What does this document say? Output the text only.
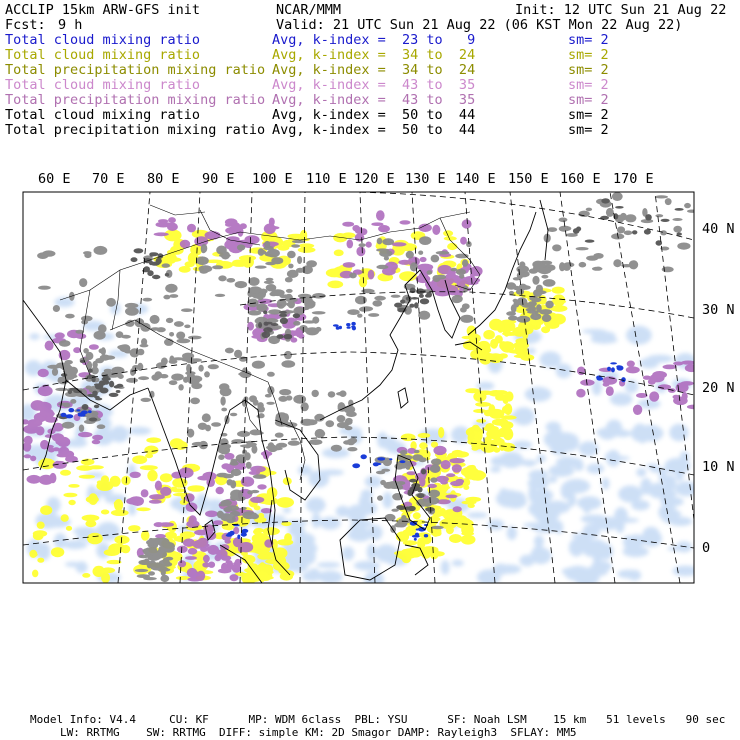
ACCLIP 15km ARW-GFS init	NCAR/MMM	Init: 12 UTC Sun 21 Aug 22
Fcst: 9 h	Valid: 21 UTC Sun 21 Aug 22 (06 KST Mon 22 Aug 22)
Total cloud mixing ratio	Avg, k-index =  23 to   9	sm= 2
Total cloud mixing ratio	Avg, k-index =  34 to  24	sm= 2
Total precipitation mixing ratio Avg, k-index =  34 to  24	sm= 2
Total cloud mixing ratio	Avg, k-index =  43 to  35	sm= 2
Total precipitation mixing ratio Avg, k-index =  43 to  35	sm= 2
Total cloud mixing ratio	Avg, k-index =  50 to  44	sm= 2
Total precipitation mixing ratio Avg, k-index =  50 to  44	sm= 2
60 E 70 E 80 E 90 E 100 E 110 E 120 E 130 E 140 E 150 E 160 E 170 E
40 N
30 N
20 N
10 N
0
Model Info: V4.4     CU: KF      MP: WDM 6class  PBL: YSU      SF: Noah LSM    15 km   51 levels   90 sec
LW: RRTMG    SW: RRTMG  DIFF: simple KM: 2D Smagor DAMP: Rayleigh3  SFLAY: MM5
